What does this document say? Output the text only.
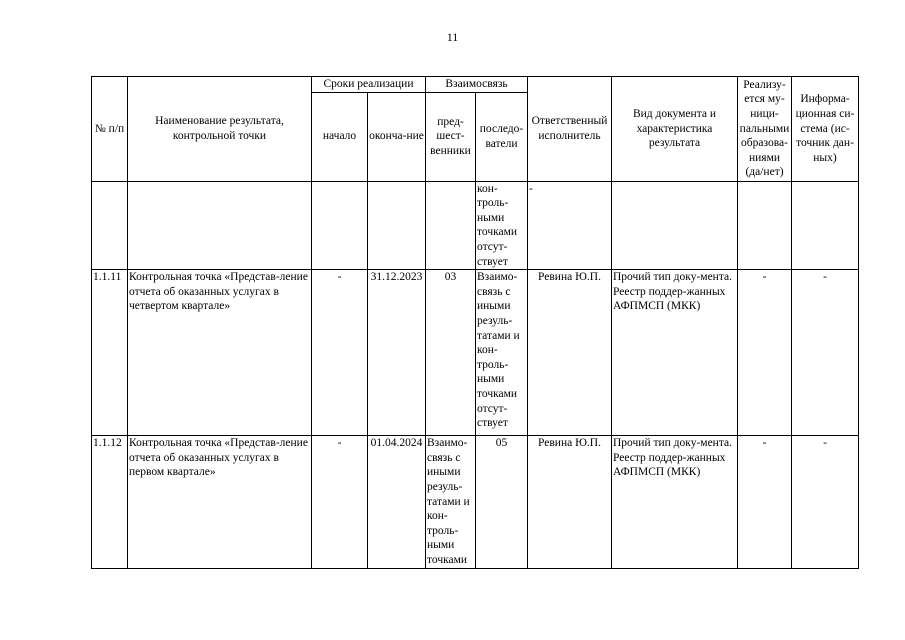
11
№ п/п	Наименование результата, контрольной точки	Сроки реализации		Взаимосвязь		Ответственный исполнитель	Вид документа и характеристика результата	Реализу-ется му-ници-пальными образова-ниями (да/нет)	Информа-ционная си-стема (ис-точник дан-ных)
		начало	оконча-ние	пред-шест-венники	последо-ватели				
					кон-троль-ными точками отсут-ствует	-			
1.1.11	Контрольная точка «Представ-ление отчета об оказанных услугах в четвертом квартале»	-	31.12.2023	03	Взаимо-связь с иными резуль-татами и кон-троль-ными точками отсут-ствует	Ревина Ю.П.	Прочий тип доку-мента. Реестр поддер-жанных АФПМСП (МКК)	-	-
1.1.12	Контрольная точка «Представ-ление отчета об оказанных услугах в первом квартале»	-	01.04.2024	Взаимо-связь с иными резуль-татами и кон-троль-ными точками	05	Ревина Ю.П.	Прочий тип доку-мента. Реестр поддер-жанных АФПМСП (МКК)	-	-
